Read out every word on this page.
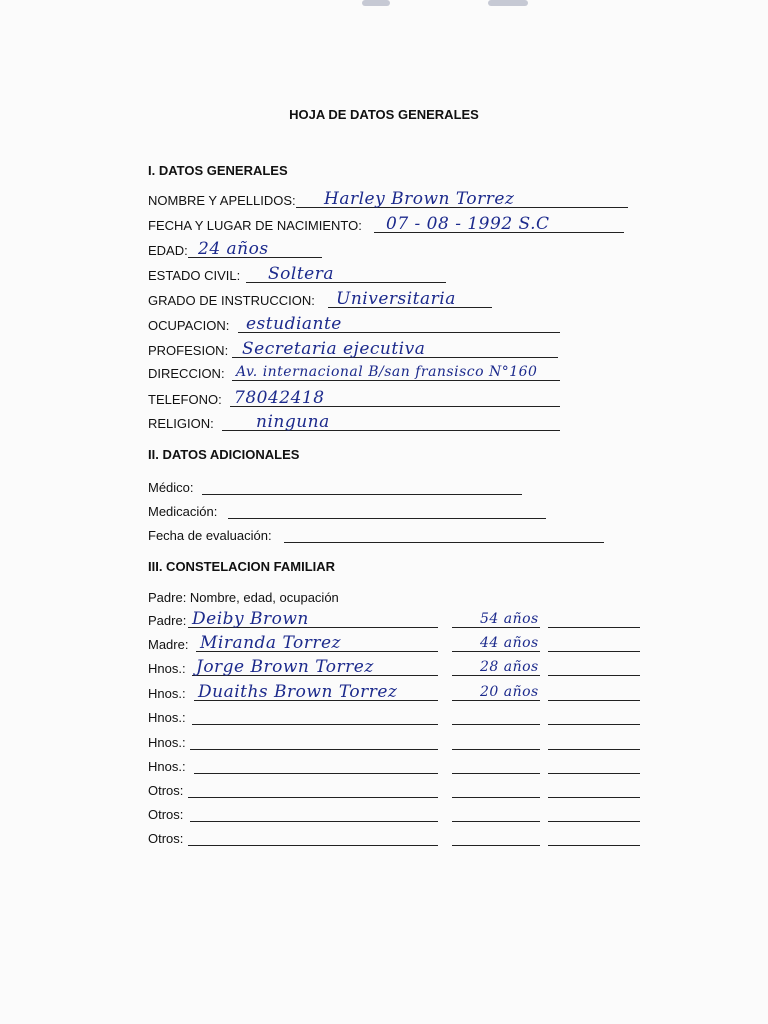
HOJA DE DATOS GENERALES
I. DATOS GENERALES
NOMBRE Y APELLIDOS: Harley Brown Torrez
FECHA Y LUGAR DE NACIMIENTO: 07 - 08 - 1992 S.C
EDAD: 24 años
ESTADO CIVIL: Soltera
GRADO DE INSTRUCCION: Universitaria
OCUPACION: estudiante
PROFESION: Secretaria ejecutiva
DIRECCION: Av. internacional B/san fransisco N°160
TELEFONO: 78042418
RELIGION: ninguna
II. DATOS ADICIONALES
Médico:
Medicación:
Fecha de evaluación:
III. CONSTELACION FAMILIAR
Padre: Nombre, edad, ocupación
Padre: Deiby Brown	54 años
Madre: Miranda Torrez	44 años
Hnos.: Jorge Brown Torrez	28 años
Hnos.: Duaiths Brown Torrez	20 años
Hnos.:
Hnos.:
Hnos.:
Otros:
Otros:
Otros:
